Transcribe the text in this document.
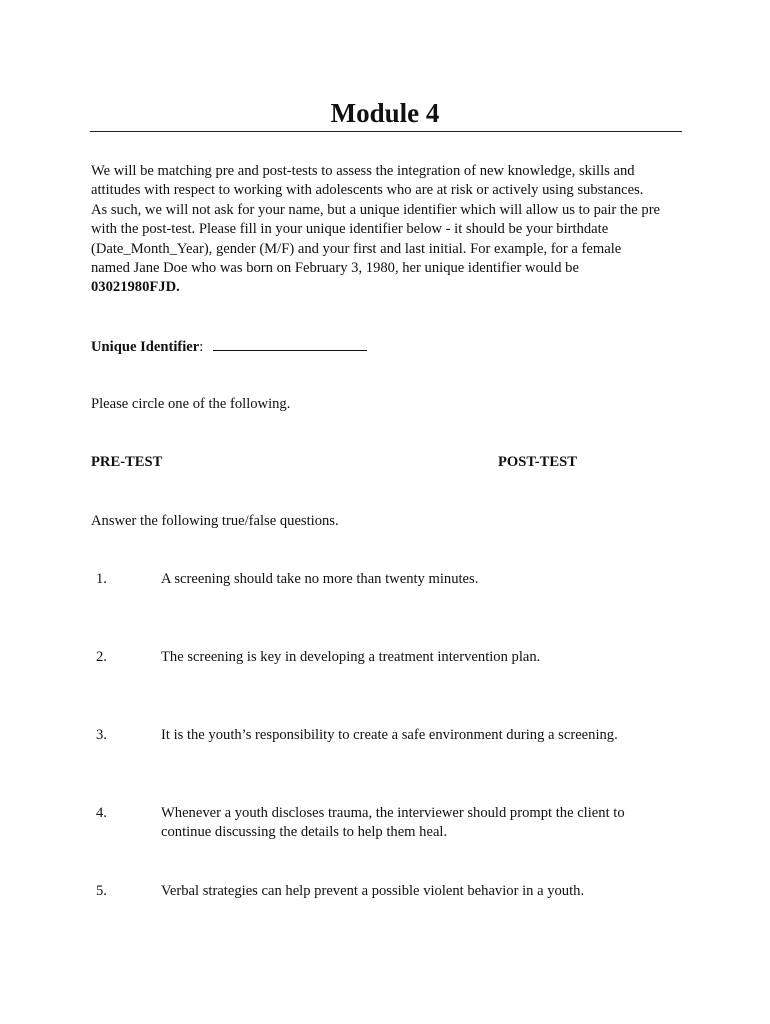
Module 4
We will be matching pre and post-tests to assess the integration of new knowledge, skills and
attitudes with respect to working with adolescents who are at risk or actively using substances.
As such, we will not ask for your name, but a unique identifier which will allow us to pair the pre
with the post-test. Please fill in your unique identifier below - it should be your birthdate
(Date_Month_Year), gender (M/F) and your first and last initial. For example, for a female
named Jane Doe who was born on February 3, 1980, her unique identifier would be
03021980FJD.
Unique Identifier:
Please circle one of the following.
PRE-TEST	POST-TEST
Answer the following true/false questions.
1.	A screening should take no more than twenty minutes.
2.	The screening is key in developing a treatment intervention plan.
3.	It is the youth’s responsibility to create a safe environment during a screening.
4.	Whenever a youth discloses trauma, the interviewer should prompt the client to
continue discussing the details to help them heal.
5.	Verbal strategies can help prevent a possible violent behavior in a youth.
